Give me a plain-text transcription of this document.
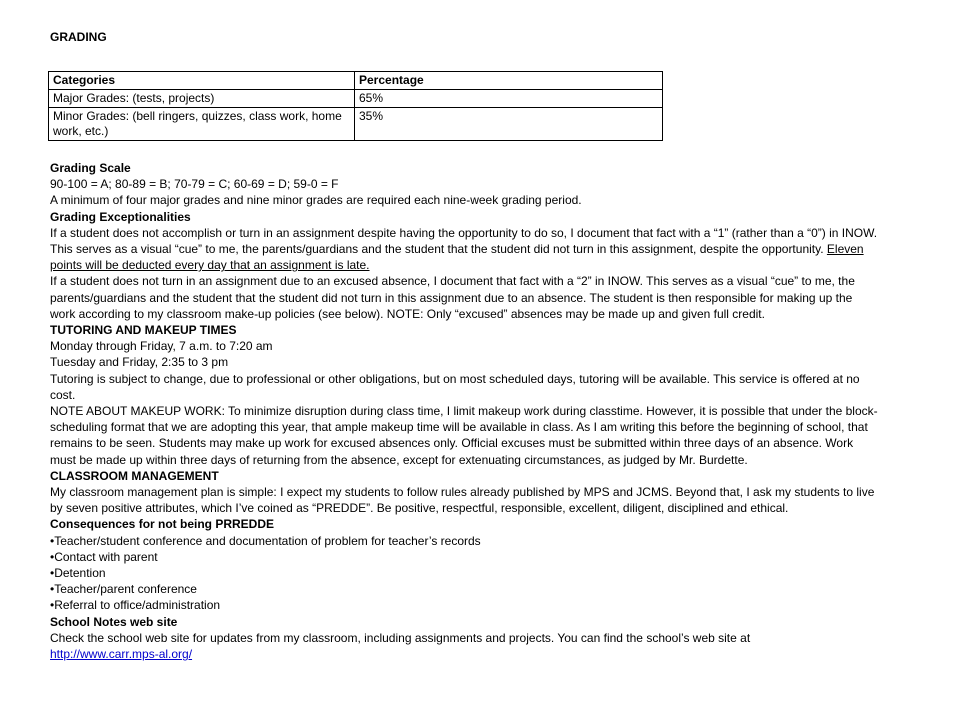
GRADING
Categories	Percentage
Major Grades: (tests, projects)	65%
Minor Grades: (bell ringers, quizzes, class work, home work, etc.)	35%

Grading Scale

90-100 = A; 80-89 = B; 70-79 = C; 60-69 = D; 59-0 = F

A minimum of four major grades and nine minor grades are required each nine-week grading period.

Grading Exceptionalities

If a student does not accomplish or turn in an assignment despite having the opportunity to do so, I document that fact with a “1” (rather than a “0”) in INOW. This serves as a visual “cue” to me, the parents/guardians and the student that the student did not turn in this assignment, despite the opportunity. Eleven points will be deducted every day that an assignment is late.

If a student does not turn in an assignment due to an excused absence, I document that fact with a “2” in INOW. This serves as a visual “cue” to me, the parents/guardians and the student that the student did not turn in this assignment due to an absence. The student is then responsible for making up the work according to my classroom make-up policies (see below). NOTE: Only “excused” absences may be made up and given full credit.

TUTORING AND MAKEUP TIMES

Monday through Friday, 7 a.m. to 7:20 am

Tuesday and Friday, 2:35 to 3 pm

Tutoring is subject to change, due to professional or other obligations, but on most scheduled days, tutoring will be available. This service is offered at no cost.

NOTE ABOUT MAKEUP WORK: To minimize disruption during class time, I limit makeup work during classtime. However, it is possible that under the block-scheduling format that we are adopting this year, that ample makeup time will be available in class. As I am writing this before the beginning of school, that remains to be seen. Students may make up work for excused absences only. Official excuses must be submitted within three days of an absence. Work must be made up within three days of returning from the absence, except for extenuating circumstances, as judged by Mr. Burdette.

CLASSROOM MANAGEMENT

My classroom management plan is simple: I expect my students to follow rules already published by MPS and JCMS. Beyond that, I ask my students to live by seven positive attributes, which I’ve coined as “PREDDE”. Be positive, respectful, responsible, excellent, diligent, disciplined and ethical.

Consequences for not being PRREDDE

•Teacher/student conference and documentation of problem for teacher’s records

•Contact with parent

•Detention

•Teacher/parent conference

•Referral to office/administration

School Notes web site

Check the school web site for updates from my classroom, including assignments and projects. You can find the school’s web site at

http://www.carr.mps-al.org/
